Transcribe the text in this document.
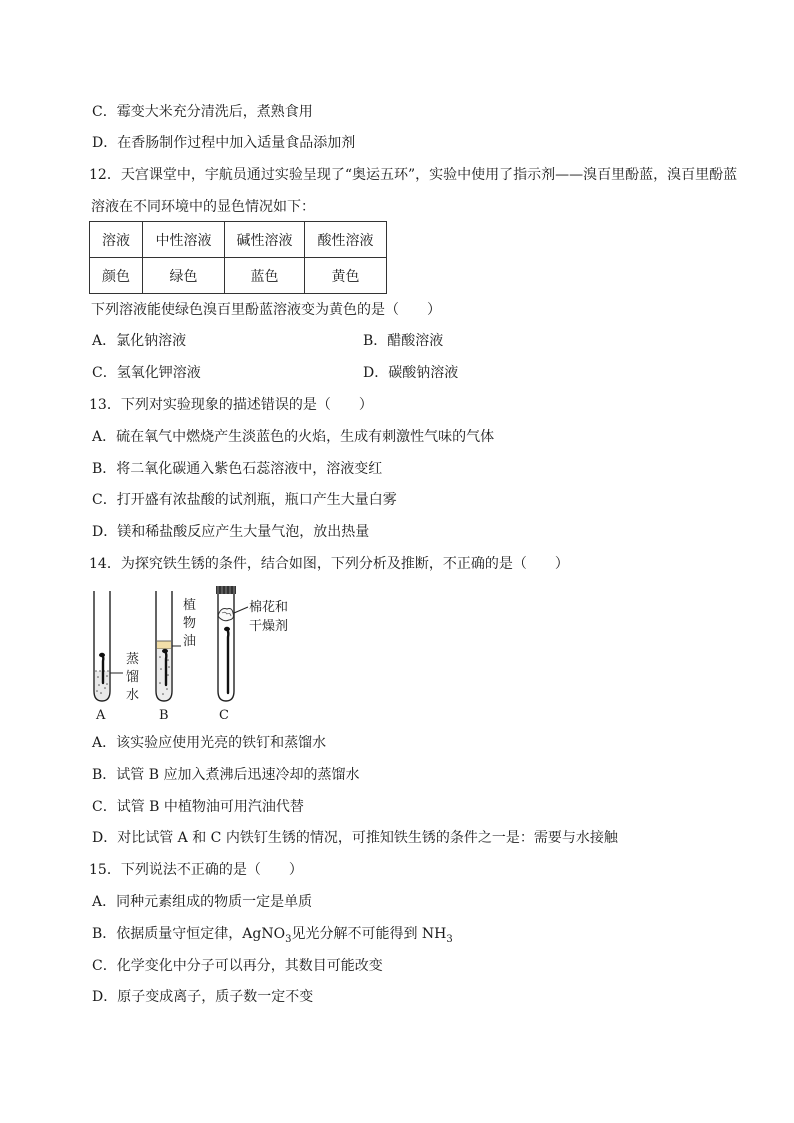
C．霉变大米充分清洗后，煮熟食用
D．在香肠制作过程中加入适量食品添加剂
12．天宫课堂中，宇航员通过实验呈现了“奥运五环”，实验中使用了指示剂——溴百里酚蓝，溴百里酚蓝
溶液在不同环境中的显色情况如下：
溶液	中性溶液	碱性溶液	酸性溶液
颜色	绿色	蓝色	黄色
下列溶液能使绿色溴百里酚蓝溶液变为黄色的是（　　）
A．氯化钠溶液	B．醋酸溶液
C．氢氧化钾溶液	D．碳酸钠溶液
13．下列对实验现象的描述错误的是（　　）
A．硫在氧气中燃烧产生淡蓝色的火焰，生成有刺激性气味的气体
B．将二氧化碳通入紫色石蕊溶液中，溶液变红
C．打开盛有浓盐酸的试剂瓶，瓶口产生大量白雾
D．镁和稀盐酸反应产生大量气泡，放出热量
14．为探究铁生锈的条件，结合如图，下列分析及推断，不正确的是（　　）
蒸
馏
水
A
植
物
油
B
棉花和
干燥剂
C
A．该实验应使用光亮的铁钉和蒸馏水
B．试管 B 应加入煮沸后迅速冷却的蒸馏水
C．试管 B 中植物油可用汽油代替
D．对比试管 A 和 C 内铁钉生锈的情况，可推知铁生锈的条件之一是：需要与水接触
15．下列说法不正确的是（　　）
A．同种元素组成的物质一定是单质
B．依据质量守恒定律，AgNO$_3$见光分解不可能得到 $NH_3$
C．化学变化中分子可以再分，其数目可能改变
D．原子变成离子，质子数一定不变
